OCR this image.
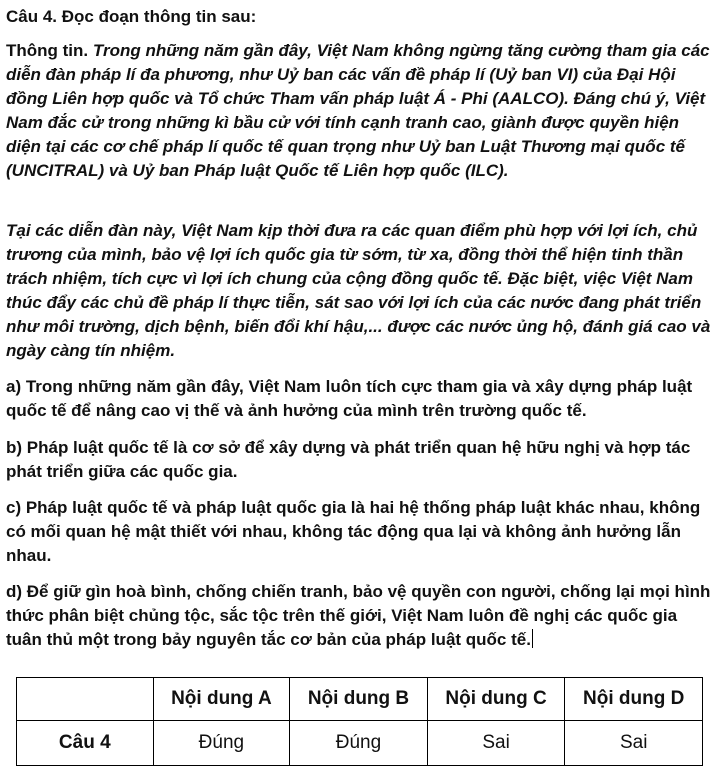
Câu 4. Đọc đoạn thông tin sau:

Thông tin. Trong những năm gần đây, Việt Nam không ngừng tăng cường tham gia các diễn đàn pháp lí đa phương, như Uỷ ban các vấn đề pháp lí (Uỷ ban VI) của Đại Hội đồng Liên hợp quốc và Tổ chức Tham vấn pháp luật Á - Phi (AALCO). Đáng chú ý, Việt Nam đắc cử trong những kì bầu cử với tính cạnh tranh cao, giành được quyền hiện diện tại các cơ chế pháp lí quốc tế quan trọng như Uỷ ban Luật Thương mại quốc tế (UNCITRAL) và Uỷ ban Pháp luật Quốc tế Liên hợp quốc (ILC).

Tại các diễn đàn này, Việt Nam kịp thời đưa ra các quan điểm phù hợp với lợi ích, chủ trương của mình, bảo vệ lợi ích quốc gia từ sớm, từ xa, đồng thời thể hiện tinh thần trách nhiệm, tích cực vì lợi ích chung của cộng đồng quốc tế. Đặc biệt, việc Việt Nam thúc đẩy các chủ đề pháp lí thực tiễn, sát sao với lợi ích của các nước đang phát triển như môi trường, dịch bệnh, biến đổi khí hậu,... được các nước ủng hộ, đánh giá cao và ngày càng tín nhiệm.

a) Trong những năm gần đây, Việt Nam luôn tích cực tham gia và xây dựng pháp luật quốc tế để nâng cao vị thế và ảnh hưởng của mình trên trường quốc tế.

b) Pháp luật quốc tế là cơ sở để xây dựng và phát triển quan hệ hữu nghị và hợp tác phát triển giữa các quốc gia.

c) Pháp luật quốc tế và pháp luật quốc gia là hai hệ thống pháp luật khác nhau, không có mối quan hệ mật thiết với nhau, không tác động qua lại và không ảnh hưởng lẫn nhau.

d) Để giữ gìn hoà bình, chống chiến tranh, bảo vệ quyền con người, chống lại mọi hình thức phân biệt chủng tộc, sắc tộc trên thế giới, Việt Nam luôn đề nghị các quốc gia tuân thủ một trong bảy nguyên tắc cơ bản của pháp luật quốc tế.

	Nội dung A	Nội dung B	Nội dung C	Nội dung D
Câu 4	Đúng	Đúng	Sai	Sai
